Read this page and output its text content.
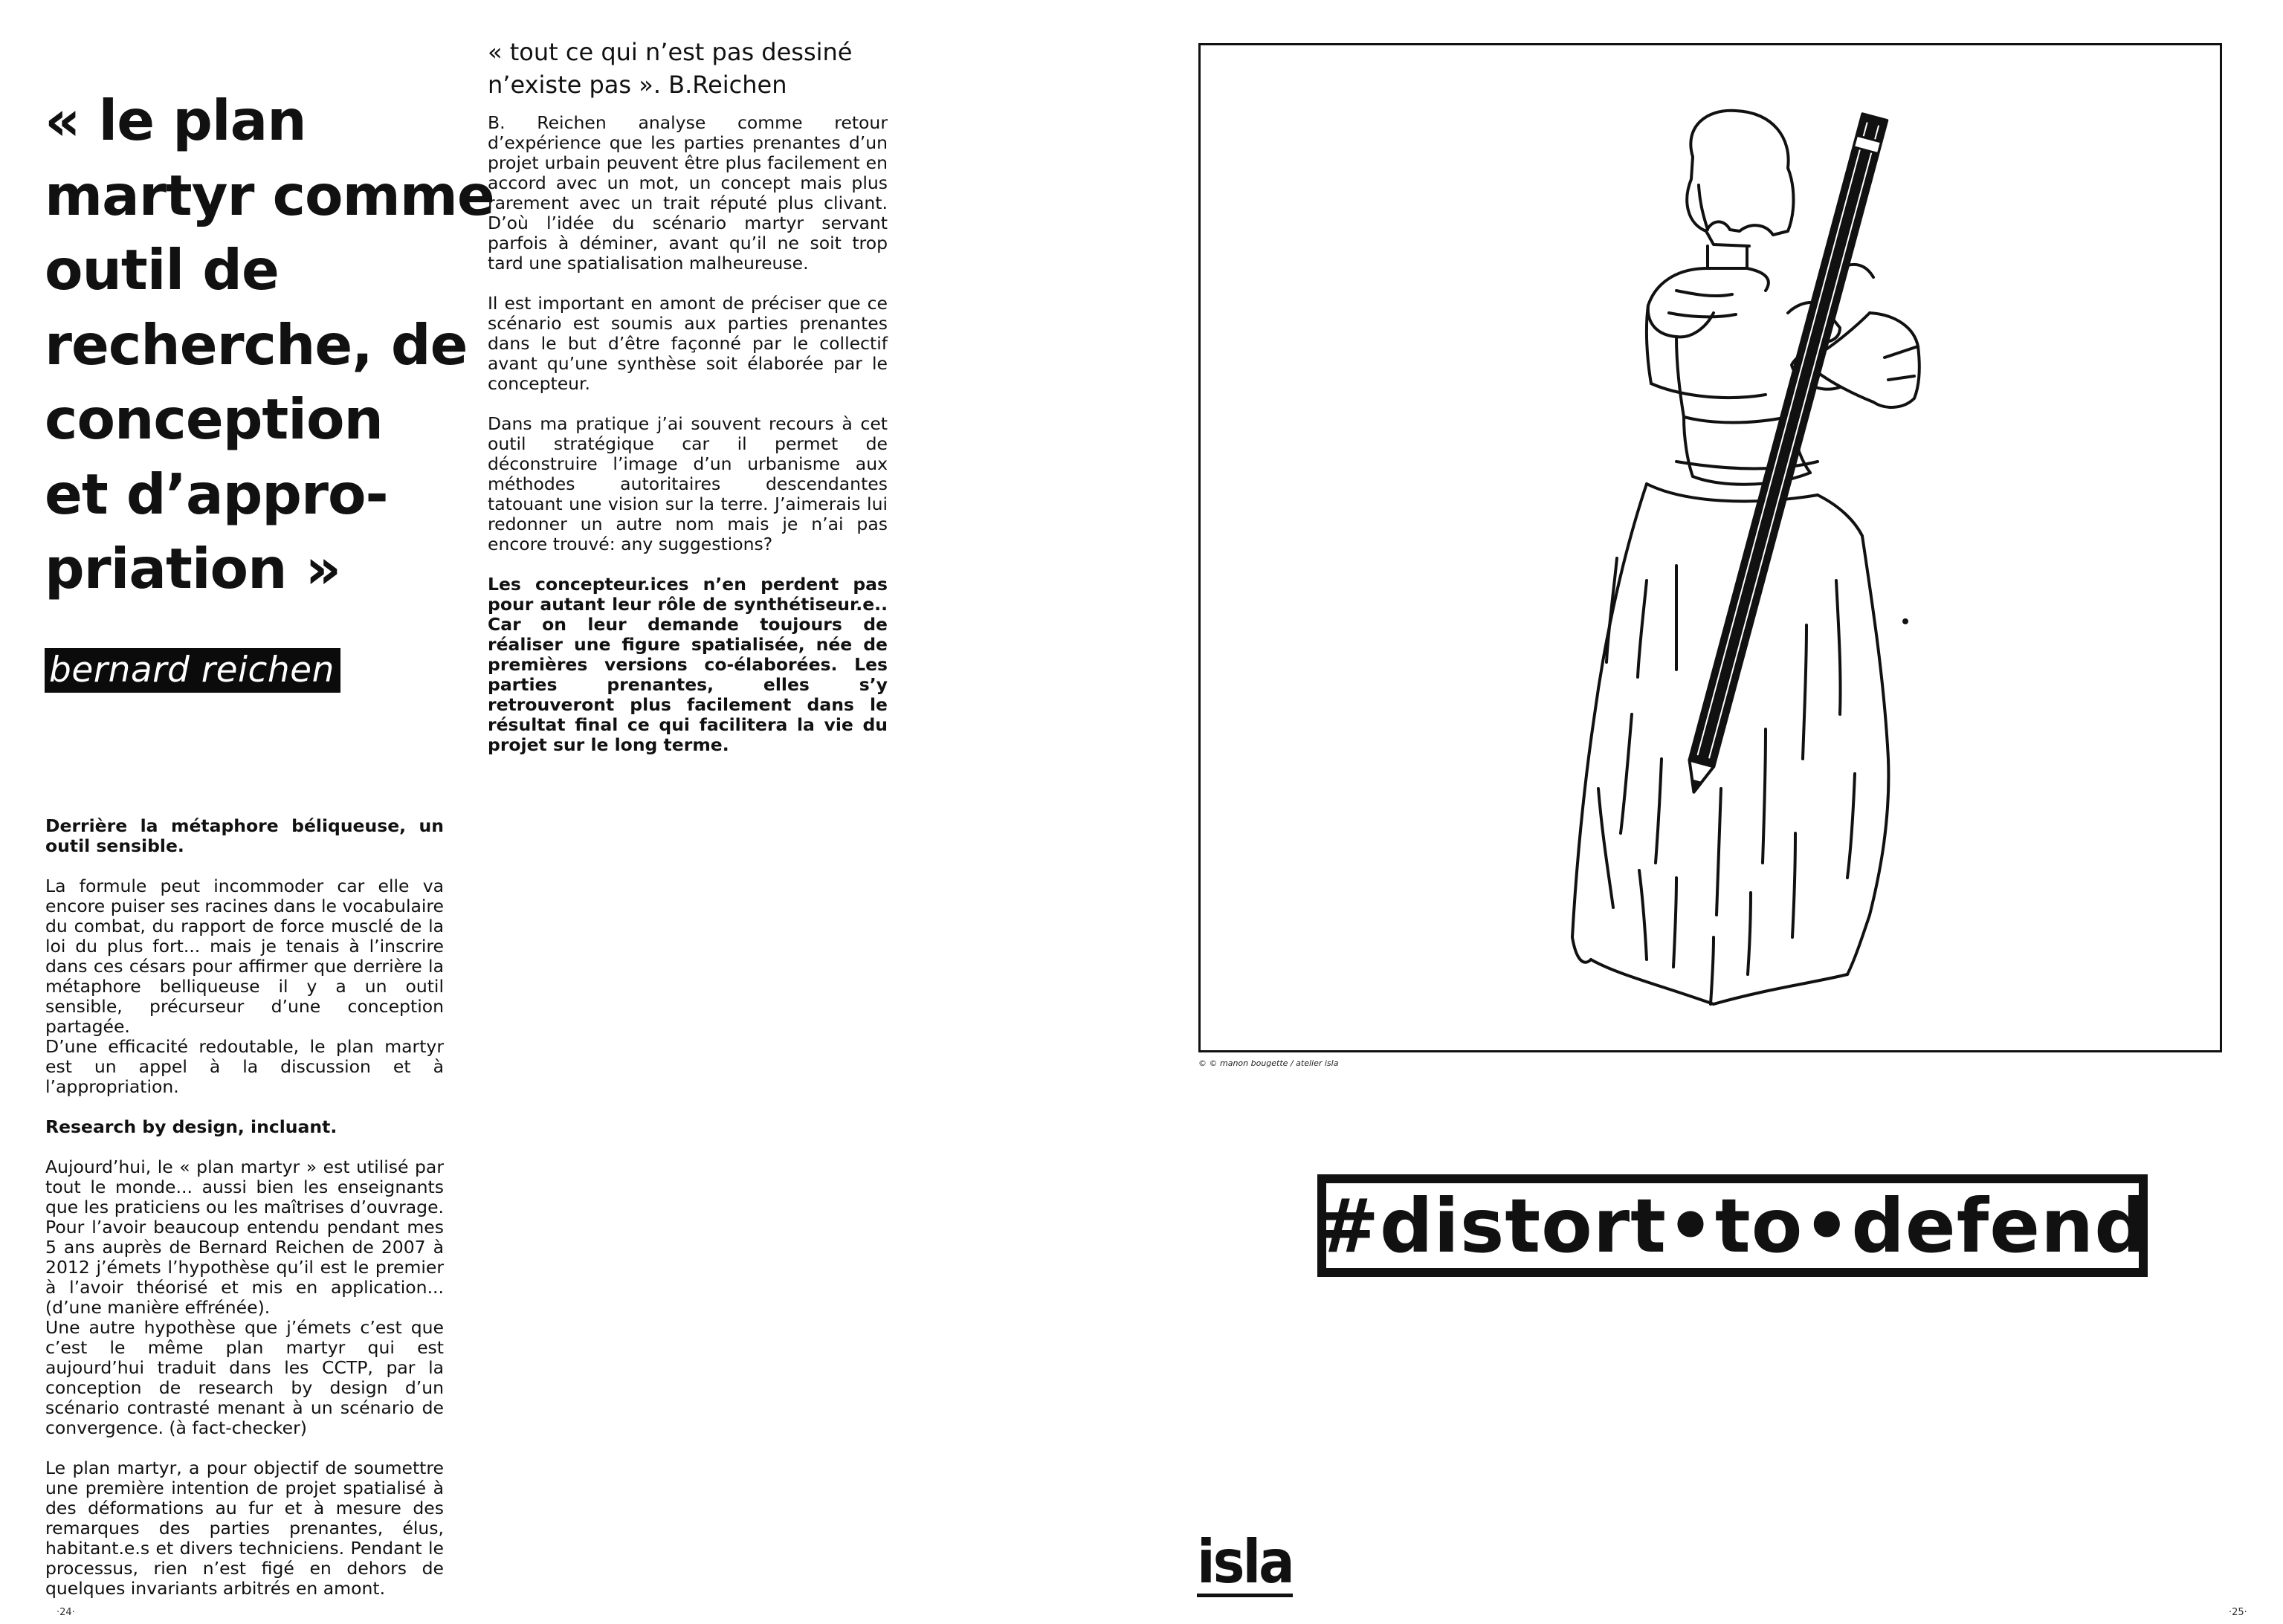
« le plan
martyr comme
outil de
recherche, de
conception
et d’appro-
priation »
bernard reichen

Derrière la métaphore béliqueuse, un outil sensible.

La formule peut incommoder car elle va encore puiser ses racines dans le vocabulaire du combat, du rapport de force musclé de la loi du plus fort... mais je tenais à l’inscrire dans ces césars pour affirmer que derrière la métaphore belliqueuse il y a un outil sensible, précurseur d’une conception partagée.

D’une efficacité redoutable, le plan martyr est un appel à la discussion et à l’appropriation.

Research by design, incluant.

Aujourd’hui, le « plan martyr » est utilisé par tout le monde... aussi bien les enseignants que les praticiens ou les maîtrises d’ouvrage. Pour l’avoir beaucoup entendu pendant mes 5 ans auprès de Bernard Reichen de 2007 à 2012 j’émets l’hypothèse qu’il est le premier à l’avoir théorisé et mis en application... (d’une manière effrénée).

Une autre hypothèse que j’émets c’est que c’est le même plan martyr qui est aujourd’hui traduit dans les CCTP, par la conception de research by design d’un scénario contrasté menant à un scénario de convergence. (à fact-checker)

Le plan martyr, a pour objectif de soumettre une première intention de projet spatialisé à des déformations au fur et à mesure des remarques des parties prenantes, élus, habitant.e.s et divers techniciens. Pendant le processus, rien n’est figé en dehors de quelques invariants arbitrés en amont.

« tout ce qui n’est pas dessiné n’existe pas ». B.Reichen

B. Reichen analyse comme retour d’expérience que les parties prenantes d’un projet urbain peuvent être plus facilement en accord avec un mot, un concept mais plus rarement avec un trait réputé plus clivant. D’où l’idée du scénario martyr servant parfois à déminer, avant qu’il ne soit trop tard une spatialisation malheureuse.

Il est important en amont de préciser que ce scénario est soumis aux parties prenantes dans le but d’être façonné par le collectif avant qu’une synthèse soit élaborée par le concepteur.

Dans ma pratique j’ai souvent recours à cet outil stratégique car il permet de déconstruire l’image d’un urbanisme aux méthodes autoritaires descendantes tatouant une vision sur la terre. J’aimerais lui redonner un autre nom mais je n’ai pas encore trouvé: any suggestions?

Les concepteur.ices n’en perdent pas pour autant leur rôle de synthétiseur.e.. Car on leur demande toujours de réaliser une figure spatialisée, née de premières versions co-élaborées. Les parties prenantes, elles s’y retrouveront plus facilement dans le résultat final ce qui facilitera la vie du projet sur le long terme.

·24·
© © manon bougette / atelier isla
#distort•to•defend
isla
·25·
